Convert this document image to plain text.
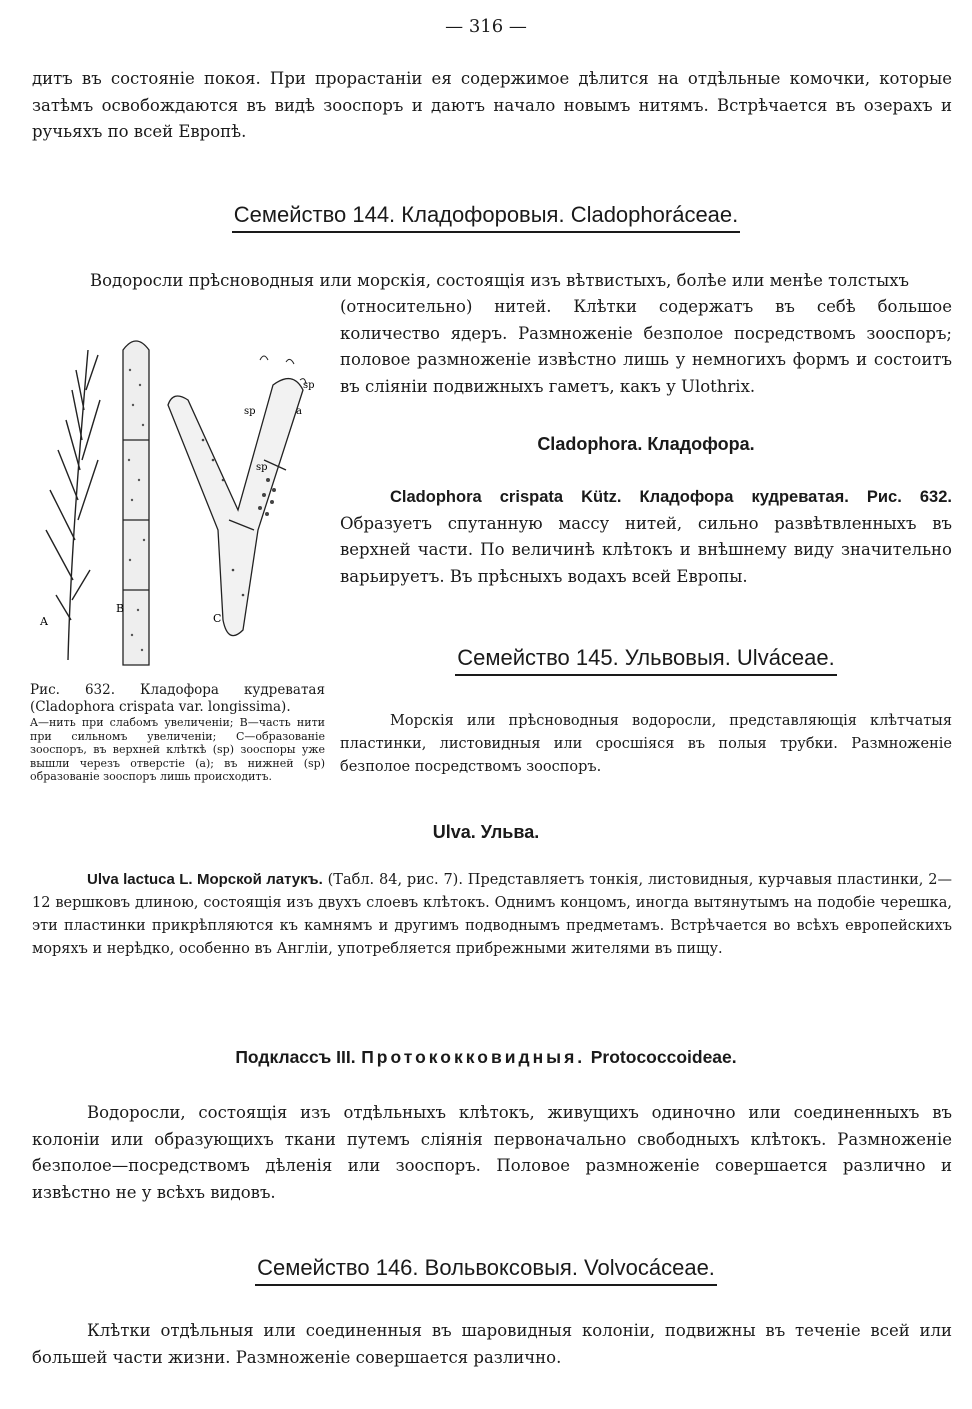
— 316 —
дитъ въ состояніе покоя. При прорастаніи ея содержимое дѣлится на отдѣльные комочки, которые затѣмъ освобождаются въ видѣ зооспоръ и даютъ начало новымъ нитямъ. Встрѣчается въ озерахъ и ручьяхъ по всей Европѣ.
Семейство 144. Кладофоровыя. Cladophoráceae.
Водоросли прѣсноводныя или морскія, состоящія изъ вѣтвистыхъ, болѣе или менѣе толстыхъ
(относительно) нитей. Клѣтки содержатъ въ себѣ большое количество ядеръ. Размноженіе безполое посредствомъ зооспоръ; половое размноженіе извѣстно лишь у немногихъ формъ и состоитъ въ сліяніи подвижныхъ гаметъ, какъ у Ulothrix.
Cladophora. Кладофора.
Cladophora crispata Kütz. Кладофора кудреватая. Рис. 632. Образуетъ спутанную массу нитей, сильно развѣтвленныхъ въ верхней части. По величинѣ клѣтокъ и внѣшнему виду значительно варьируетъ. Въ прѣсныхъ водахъ всей Европы.
A
B
C
a
sp
sp
sp
Рис. 632. Кладофора кудреватая (Cladophora crispata var. longissima).
A—нить при слабомъ увеличеніи; B—часть нити при сильномъ увеличеніи; C—образованіе зооспоръ, въ верхней клѣткѣ (sp) зооспоры уже вышли черезъ отверстіе (a); въ нижней (sp) образованіе зооспоръ лишь происходитъ.
Семейство 145. Ульвовыя. Ulváceae.
Морскія или прѣсноводныя водоросли, представляющія клѣтчатыя пластинки, листовидныя или сросшіяся въ полыя трубки. Размноженіе безполое посредствомъ зооспоръ.
Ulva. Ульва.
Ulva lactuca L. Морской латукъ. (Табл. 84, рис. 7). Представляетъ тонкія, листовидныя, курчавыя пластинки, 2—12 вершковъ длиною, состоящія изъ двухъ слоевъ клѣтокъ. Однимъ концомъ, иногда вытянутымъ на подобіе черешка, эти пластинки прикрѣпляются къ камнямъ и другимъ подводнымъ предметамъ. Встрѣчается во всѣхъ европейскихъ моряхъ и нерѣдко, особенно въ Англіи, употребляется прибрежными жителями въ пищу.
Подклассъ III. Протококковидныя. Protococcoideae.
Водоросли, состоящія изъ отдѣльныхъ клѣтокъ, живущихъ одиночно или соединенныхъ въ колоніи или образующихъ ткани путемъ сліянія первоначально свободныхъ клѣтокъ. Размноженіе безполое—посредствомъ дѣленія или зооспоръ. Половое размноженіе совершается различно и извѣстно не у всѣхъ видовъ.
Семейство 146. Вольвоксовыя. Volvocáceae.
Клѣтки отдѣльныя или соединенныя въ шаровидныя колоніи, подвижны въ теченіе всей или большей части жизни. Размноженіе совершается различно.
